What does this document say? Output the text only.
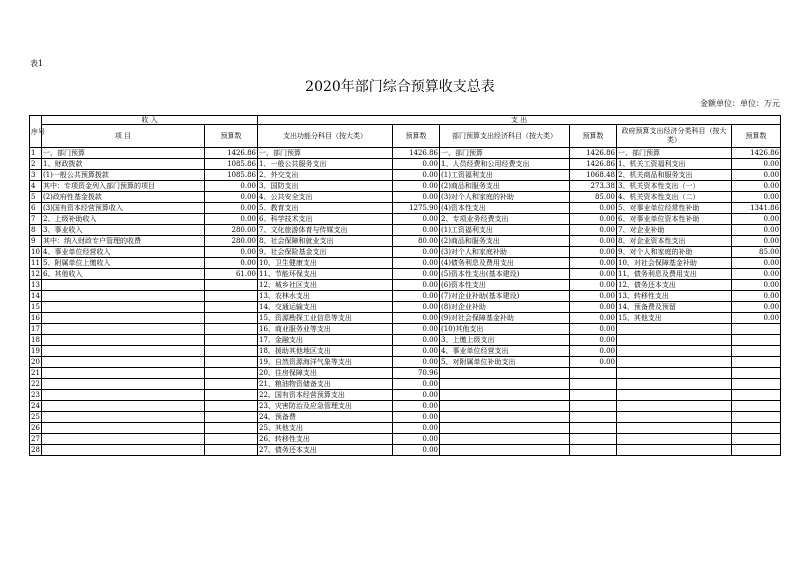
表1
2020年部门综合预算收支总表
金额单位：单位：万元
序号	收 入		支 出					
	项 目	预算数	支出功能分科目（按大类）	预算数	部门预算支出经济科目（按大类）	预算数	政府预算支出经济分类科目（按大类）	预算数
1	一、部门预算	1426.86	一、部门预算	1426.86	一、部门预算	1426.86	一、部门预算	1426.86
2	1、财政拨款	1085.86	1、一般公共服务支出	0.00	1、人员经费和公用经费支出	1426.86	1、机关工资福利支出	0.00
3	(1)一般公共预算拨款	1085.86	2、外交支出	0.00	(1)工资福利支出	1068.48	2、机关商品和服务支出	0.00
4	其中：专项资金列入部门预算的项目	0.00	3、国防支出	0.00	(2)商品和服务支出	273.38	3、机关资本性支出（一）	0.00
5	(2)政府性基金拨款	0.00	4、公共安全支出	0.00	(3)对个人和家庭的补助	85.00	4、机关资本性支出（二）	0.00
6	(3)国有资本经营预算收入	0.00	5、教育支出	1275.90	(4)资本性支出	0.00	5、对事业单位经常性补助	1341.86
7	2、上级补助收入	0.00	6、科学技术支出	0.00	2、专项业务经费支出	0.00	6、对事业单位资本性补助	0.00
8	3、事业收入	280.00	7、文化旅游体育与传媒支出	0.00	(1)工资福利支出	0.00	7、对企业补助	0.00
9	其中：纳入财政专户管理的收费	280.00	8、社会保障和就业支出	80.00	(2)商品和服务支出	0.00	8、对企业资本性支出	0.00
10	4、事业单位经营收入	0.00	9、社会保险基金支出	0.00	(3)对个人和家庭补助	0.00	9、对个人和家庭的补助	85.00
11	5、附属单位上缴收入	0.00	10、卫生健康支出	0.00	(4)债务利息及费用支出	0.00	10、对社会保障基金补助	0.00
12	6、其他收入	61.00	11、节能环保支出	0.00	(5)资本性支出(基本建设)	0.00	11、债务利息及费用支出	0.00
13			12、城乡社区支出	0.00	(6)资本性支出	0.00	12、债务还本支出	0.00
14			13、农林水支出	0.00	(7)对企业补助(基本建设)	0.00	13、转移性支出	0.00
15			14、交通运输支出	0.00	(8)对企业补助	0.00	14、预备费及预留	0.00
16			15、资源勘探工业信息等支出	0.00	(9)对社会保障基金补助	0.00	15、其他支出	0.00
17			16、商业服务业等支出	0.00	(10)其他支出	0.00		
18			17、金融支出	0.00	3、上缴上级支出	0.00		
19			18、援助其他地区支出	0.00	4、事业单位经营支出	0.00		
20			19、自然资源海洋气象等支出	0.00	5、对附属单位补助支出	0.00		
21			20、住房保障支出	70.96				
22			21、粮油物资储备支出	0.00				
23			22、国有资本经营预算支出	0.00				
24			23、灾害防治及应急管理支出	0.00				
25			24、预备费	0.00				
26			25、其他支出	0.00				
27			26、转移性支出	0.00				
28			27、债务还本支出	0.00				
